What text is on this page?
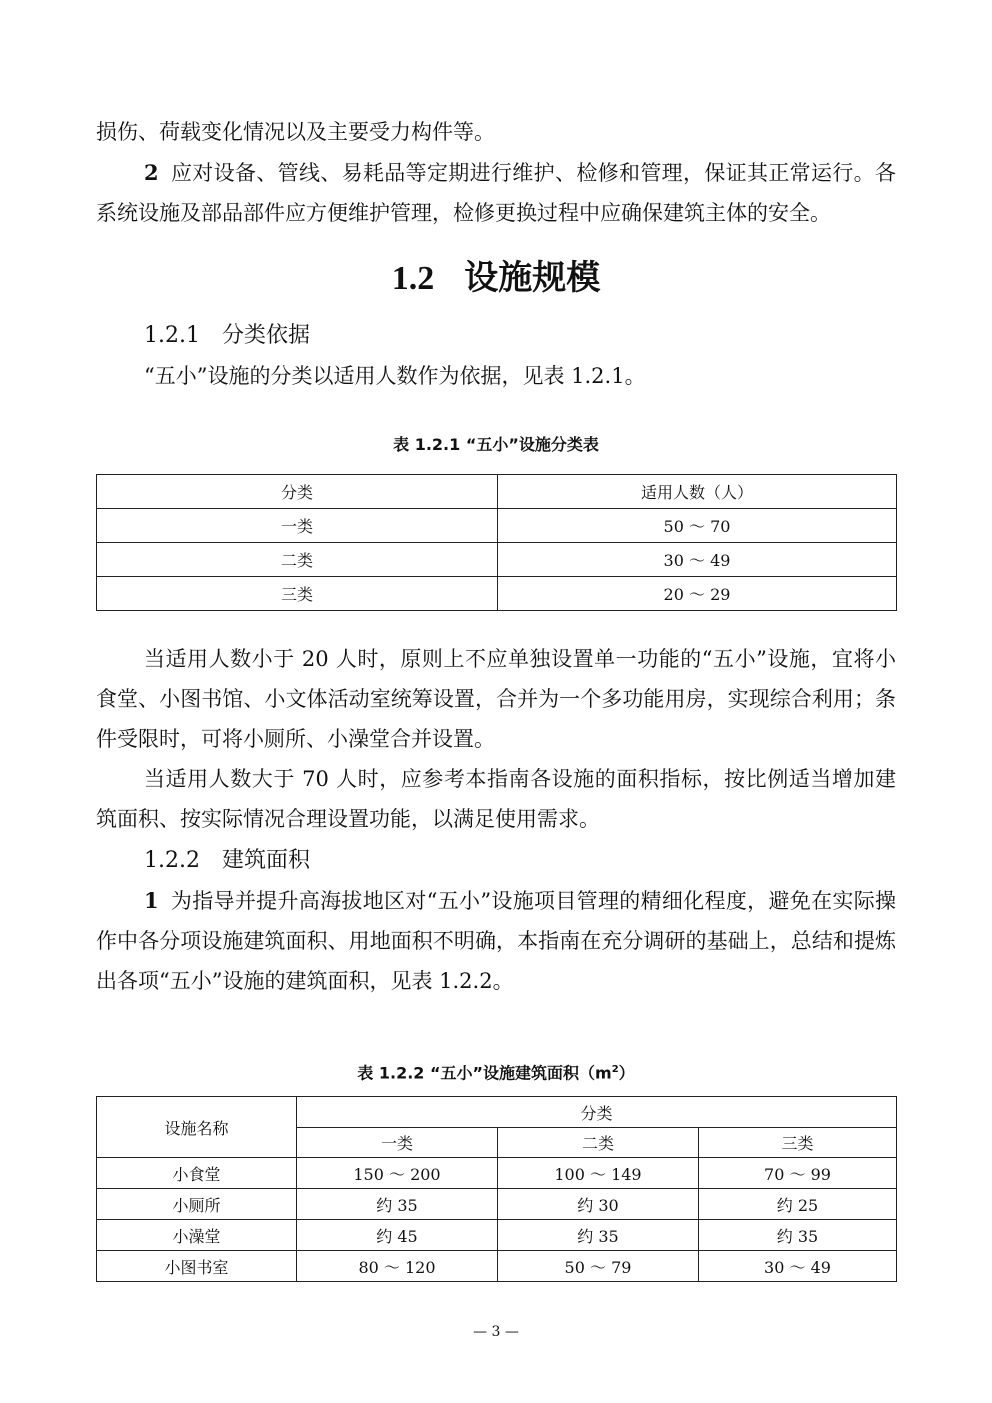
损伤、荷载变化情况以及主要受力构件等。
2 应对设备、管线、易耗品等定期进行维护、检修和管理，保证其正常运行。各系统设施及部品部件应方便维护管理，检修更换过程中应确保建筑主体的安全。
1.2 设施规模
1.2.1 分类依据
“五小”设施的分类以适用人数作为依据，见表 1.2.1。
表 1.2.1 “五小”设施分类表
分类	适用人数（人）
一类	50 ～ 70
二类	30 ～ 49
三类	20 ～ 29
当适用人数小于 20 人时，原则上不应单独设置单一功能的“五小”设施，宜将小食堂、小图书馆、小文体活动室统筹设置，合并为一个多功能用房，实现综合利用；条件受限时，可将小厕所、小澡堂合并设置。
当适用人数大于 70 人时，应参考本指南各设施的面积指标，按比例适当增加建筑面积、按实际情况合理设置功能，以满足使用需求。
1.2.2 建筑面积
1 为指导并提升高海拔地区对“五小”设施项目管理的精细化程度，避免在实际操作中各分项设施建筑面积、用地面积不明确，本指南在充分调研的基础上，总结和提炼出各项“五小”设施的建筑面积，见表 1.2.2。
表 1.2.2 “五小”设施建筑面积$(m^2)$
设施名称	分类		
	一类	二类	三类
小食堂	150 ～ 200	100 ～ 149	70 ～ 99
小厕所	约 35	约 30	约 25
小澡堂	约 45	约 35	约 35
小图书室	80 ～ 120	50 ～ 79	30 ～ 49
— 3 —
